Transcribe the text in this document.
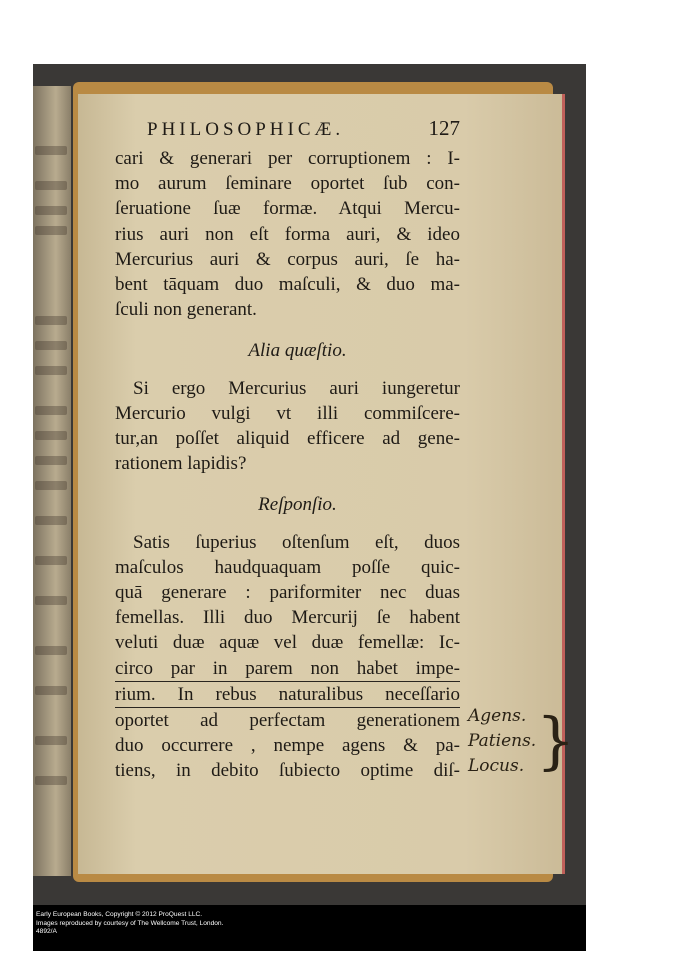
PHILOSOPHICÆ.	127
cari & generari per corruptionem : I-
mo aurum ſeminare oportet ſub con-
ſeruatione ſuæ formæ. Atqui Mercu-
rius auri non eſt forma auri, & ideo
Mercurius auri & corpus auri, ſe ha-
bent tāquam duo maſculi, & duo ma-
ſculi non generant.
Alia quæſtio.
Si ergo Mercurius auri iungeretur
Mercurio vulgi vt illi commiſcere-
tur,an poſſet aliquid efficere ad gene-
rationem lapidis?
Reſponſio.
Satis ſuperius oſtenſum eſt, duos
maſculos haudquaquam poſſe quic-
quā generare : pariformiter nec duas
femellas. Illi duo Mercurij ſe habent
veluti duæ aquæ vel duæ femellæ: Ic-
circo par in parem non habet impe-
rium. In rebus naturalibus neceſſario
oportet ad perfectam generationem
duo occurrere , nempe agens & pa-
tiens, in debito ſubiecto optime diſ-
Agens.
Patiens.
Locus. }
Early European Books, Copyright © 2012 ProQuest LLC.
Images reproduced by courtesy of The Wellcome Trust, London.
4892/A
